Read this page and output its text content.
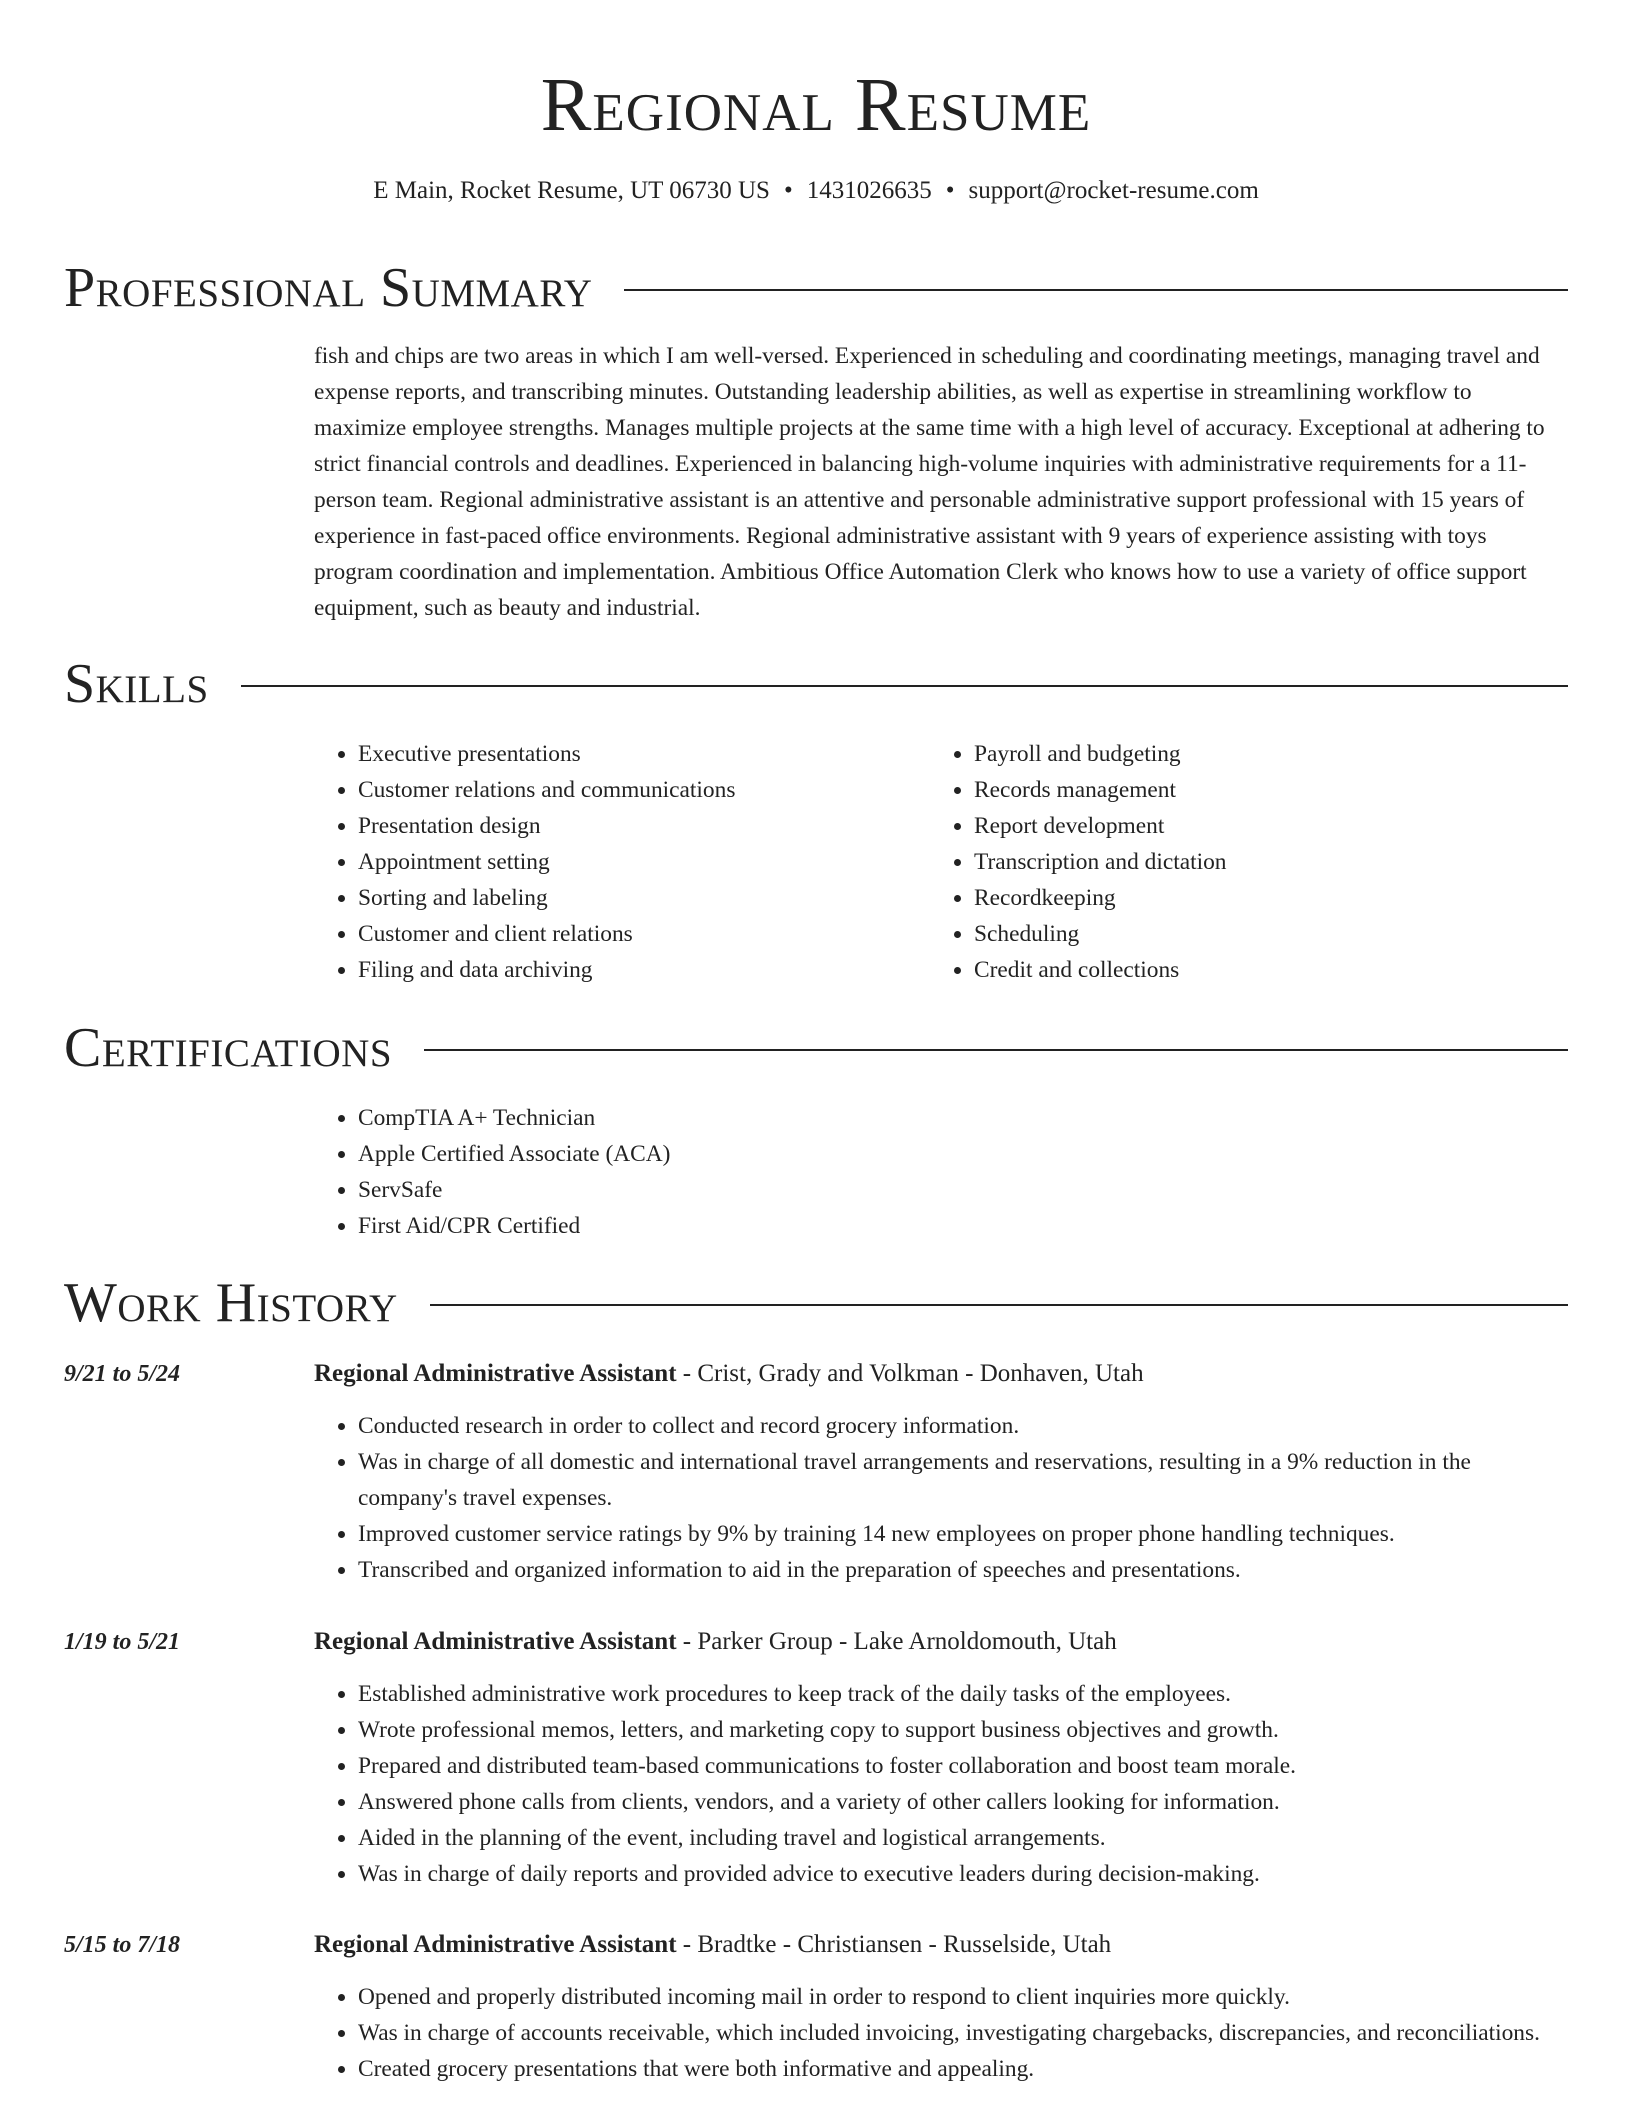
Regional Resume
E Main, Rocket Resume, UT 06730 US • 1431026635 • support@rocket-resume.com
Professional Summary

fish and chips are two areas in which I am well-versed. Experienced in scheduling and coordinating meetings, managing travel and expense reports, and transcribing minutes. Outstanding leadership abilities, as well as expertise in streamlining workflow to maximize employee strengths. Manages multiple projects at the same time with a high level of accuracy. Exceptional at adhering to strict financial controls and deadlines. Experienced in balancing high-volume inquiries with administrative requirements for a 11-person team. Regional administrative assistant is an attentive and personable administrative support professional with 15 years of experience in fast-paced office environments. Regional administrative assistant with 9 years of experience assisting with toys program coordination and implementation. Ambitious Office Automation Clerk who knows how to use a variety of office support equipment, such as beauty and industrial.

Skills
• Executive presentations
• Customer relations and communications
• Presentation design
• Appointment setting
• Sorting and labeling
• Customer and client relations
• Filing and data archiving
• Payroll and budgeting
• Records management
• Report development
• Transcription and dictation
• Recordkeeping
• Scheduling
• Credit and collections
Certifications
• CompTIA A+ Technician
• Apple Certified Associate (ACA)
• ServSafe
• First Aid/CPR Certified
Work History
9/21 to 5/24	Regional Administrative Assistant - Crist, Grady and Volkman - Donhaven, Utah
• Conducted research in order to collect and record grocery information.
• Was in charge of all domestic and international travel arrangements and reservations, resulting in a 9% reduction in the company's travel expenses.
• Improved customer service ratings by 9% by training 14 new employees on proper phone handling techniques.
• Transcribed and organized information to aid in the preparation of speeches and presentations.
1/19 to 5/21	Regional Administrative Assistant - Parker Group - Lake Arnoldomouth, Utah
• Established administrative work procedures to keep track of the daily tasks of the employees.
• Wrote professional memos, letters, and marketing copy to support business objectives and growth.
• Prepared and distributed team-based communications to foster collaboration and boost team morale.
• Answered phone calls from clients, vendors, and a variety of other callers looking for information.
• Aided in the planning of the event, including travel and logistical arrangements.
• Was in charge of daily reports and provided advice to executive leaders during decision-making.
5/15 to 7/18	Regional Administrative Assistant - Bradtke - Christiansen - Russelside, Utah
• Opened and properly distributed incoming mail in order to respond to client inquiries more quickly.
• Was in charge of accounts receivable, which included invoicing, investigating chargebacks, discrepancies, and reconciliations.
• Created grocery presentations that were both informative and appealing.
